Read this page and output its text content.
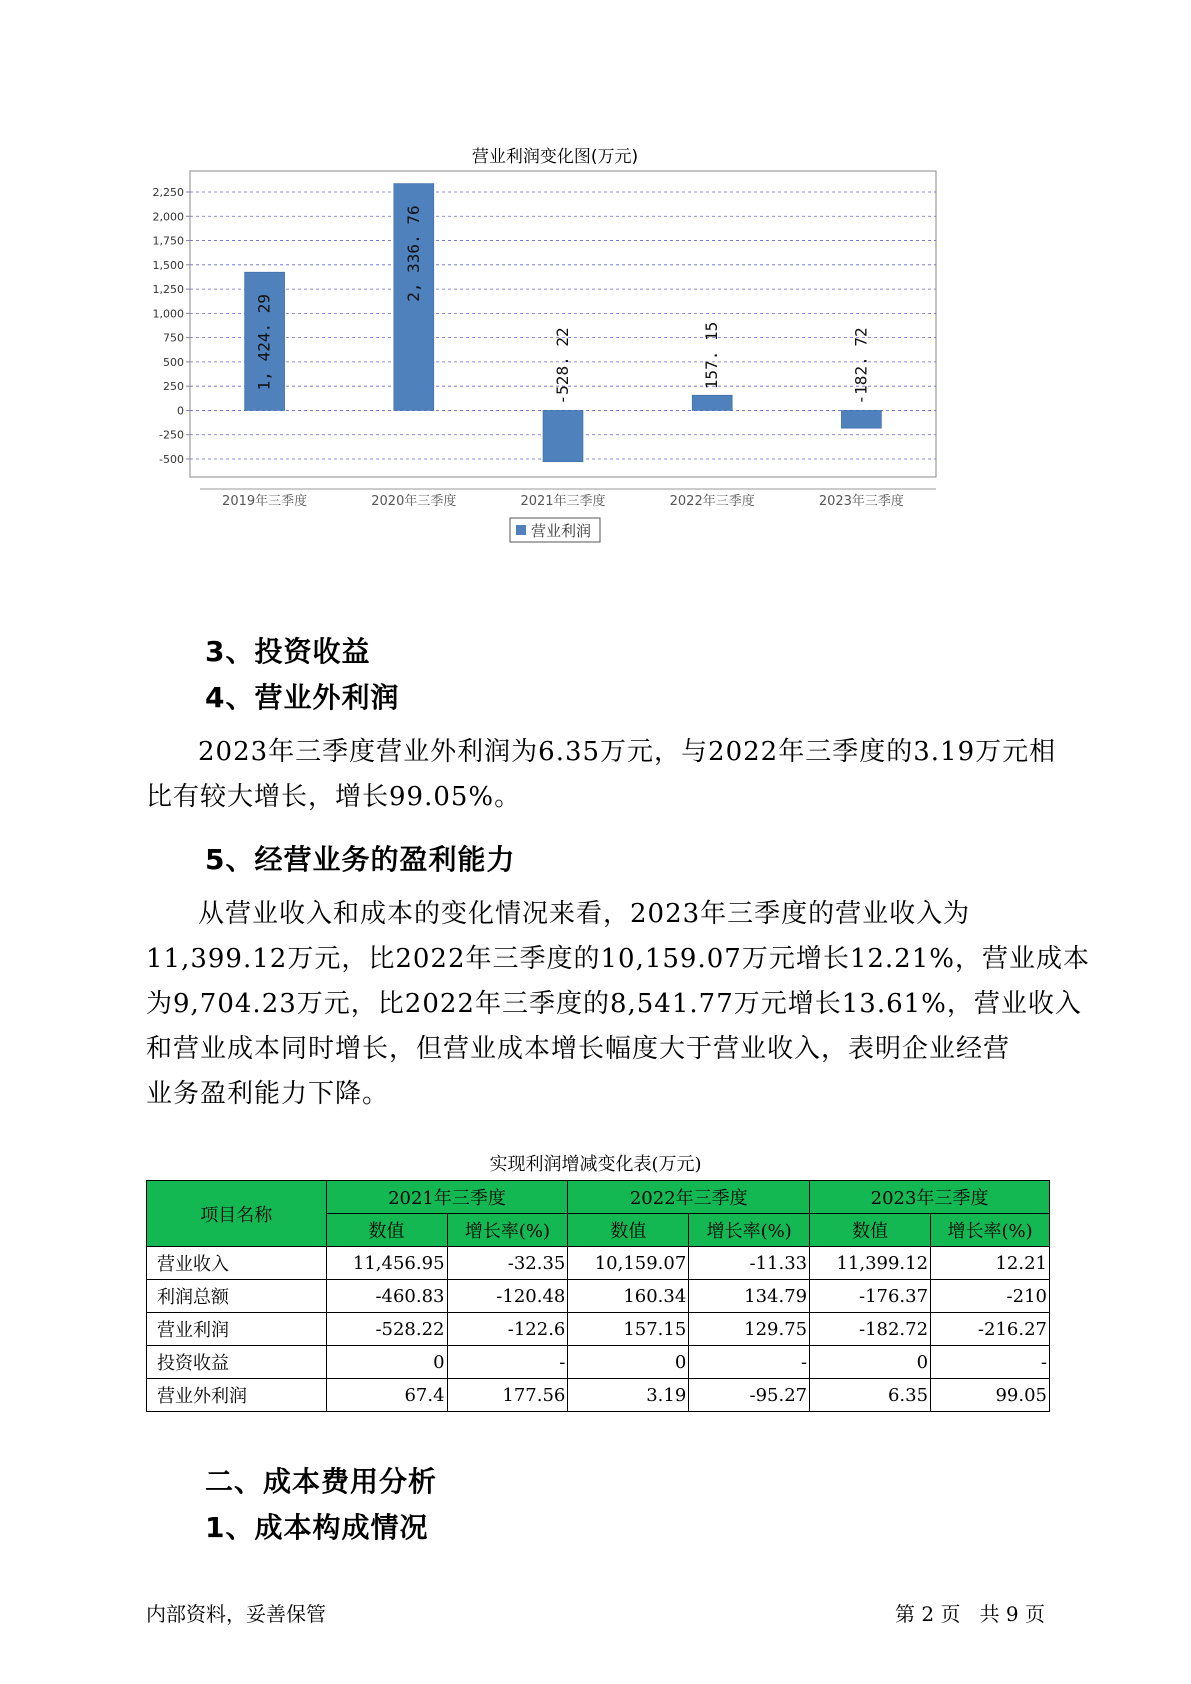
营业利润变化图(万元)
-500
-250
0
250
500
750
1,000
1,250
1,500
1,750
2,000
2,250
1, 424. 29
2, 336. 76
-528. 22	157. 15	-182. 72
2019年三季度	2020年三季度	2021年三季度	2022年三季度	2023年三季度
营业利润
3、投资收益
4、营业外利润

2023年三季度营业外利润为6.35万元，与2022年三季度的3.19万元相
比有较大增长，增长99.05%。

5、经营业务的盈利能力

从营业收入和成本的变化情况来看，2023年三季度的营业收入为
11,399.12万元，比2022年三季度的10,159.07万元增长12.21%，营业成本
为9,704.23万元，比2022年三季度的8,541.77万元增长13.61%，营业收入
和营业成本同时增长，但营业成本增长幅度大于营业收入，表明企业经营
业务盈利能力下降。

实现利润增减变化表(万元)
项目名称	2021年三季度		2022年三季度		2023年三季度	
	数值	增长率(%)	数值	增长率(%)	数值	增长率(%)
营业收入	11,456.95	-32.35	10,159.07	-11.33	11,399.12	12.21
利润总额	-460.83	-120.48	160.34	134.79	-176.37	-210
营业利润	-528.22	-122.6	157.15	129.75	-182.72	-216.27
投资收益	0	-	0	-	0	-
营业外利润	67.4	177.56	3.19	-95.27	6.35	99.05
二、成本费用分析
1、成本构成情况

内部资料，妥善保管	第 2 页   共 9 页
